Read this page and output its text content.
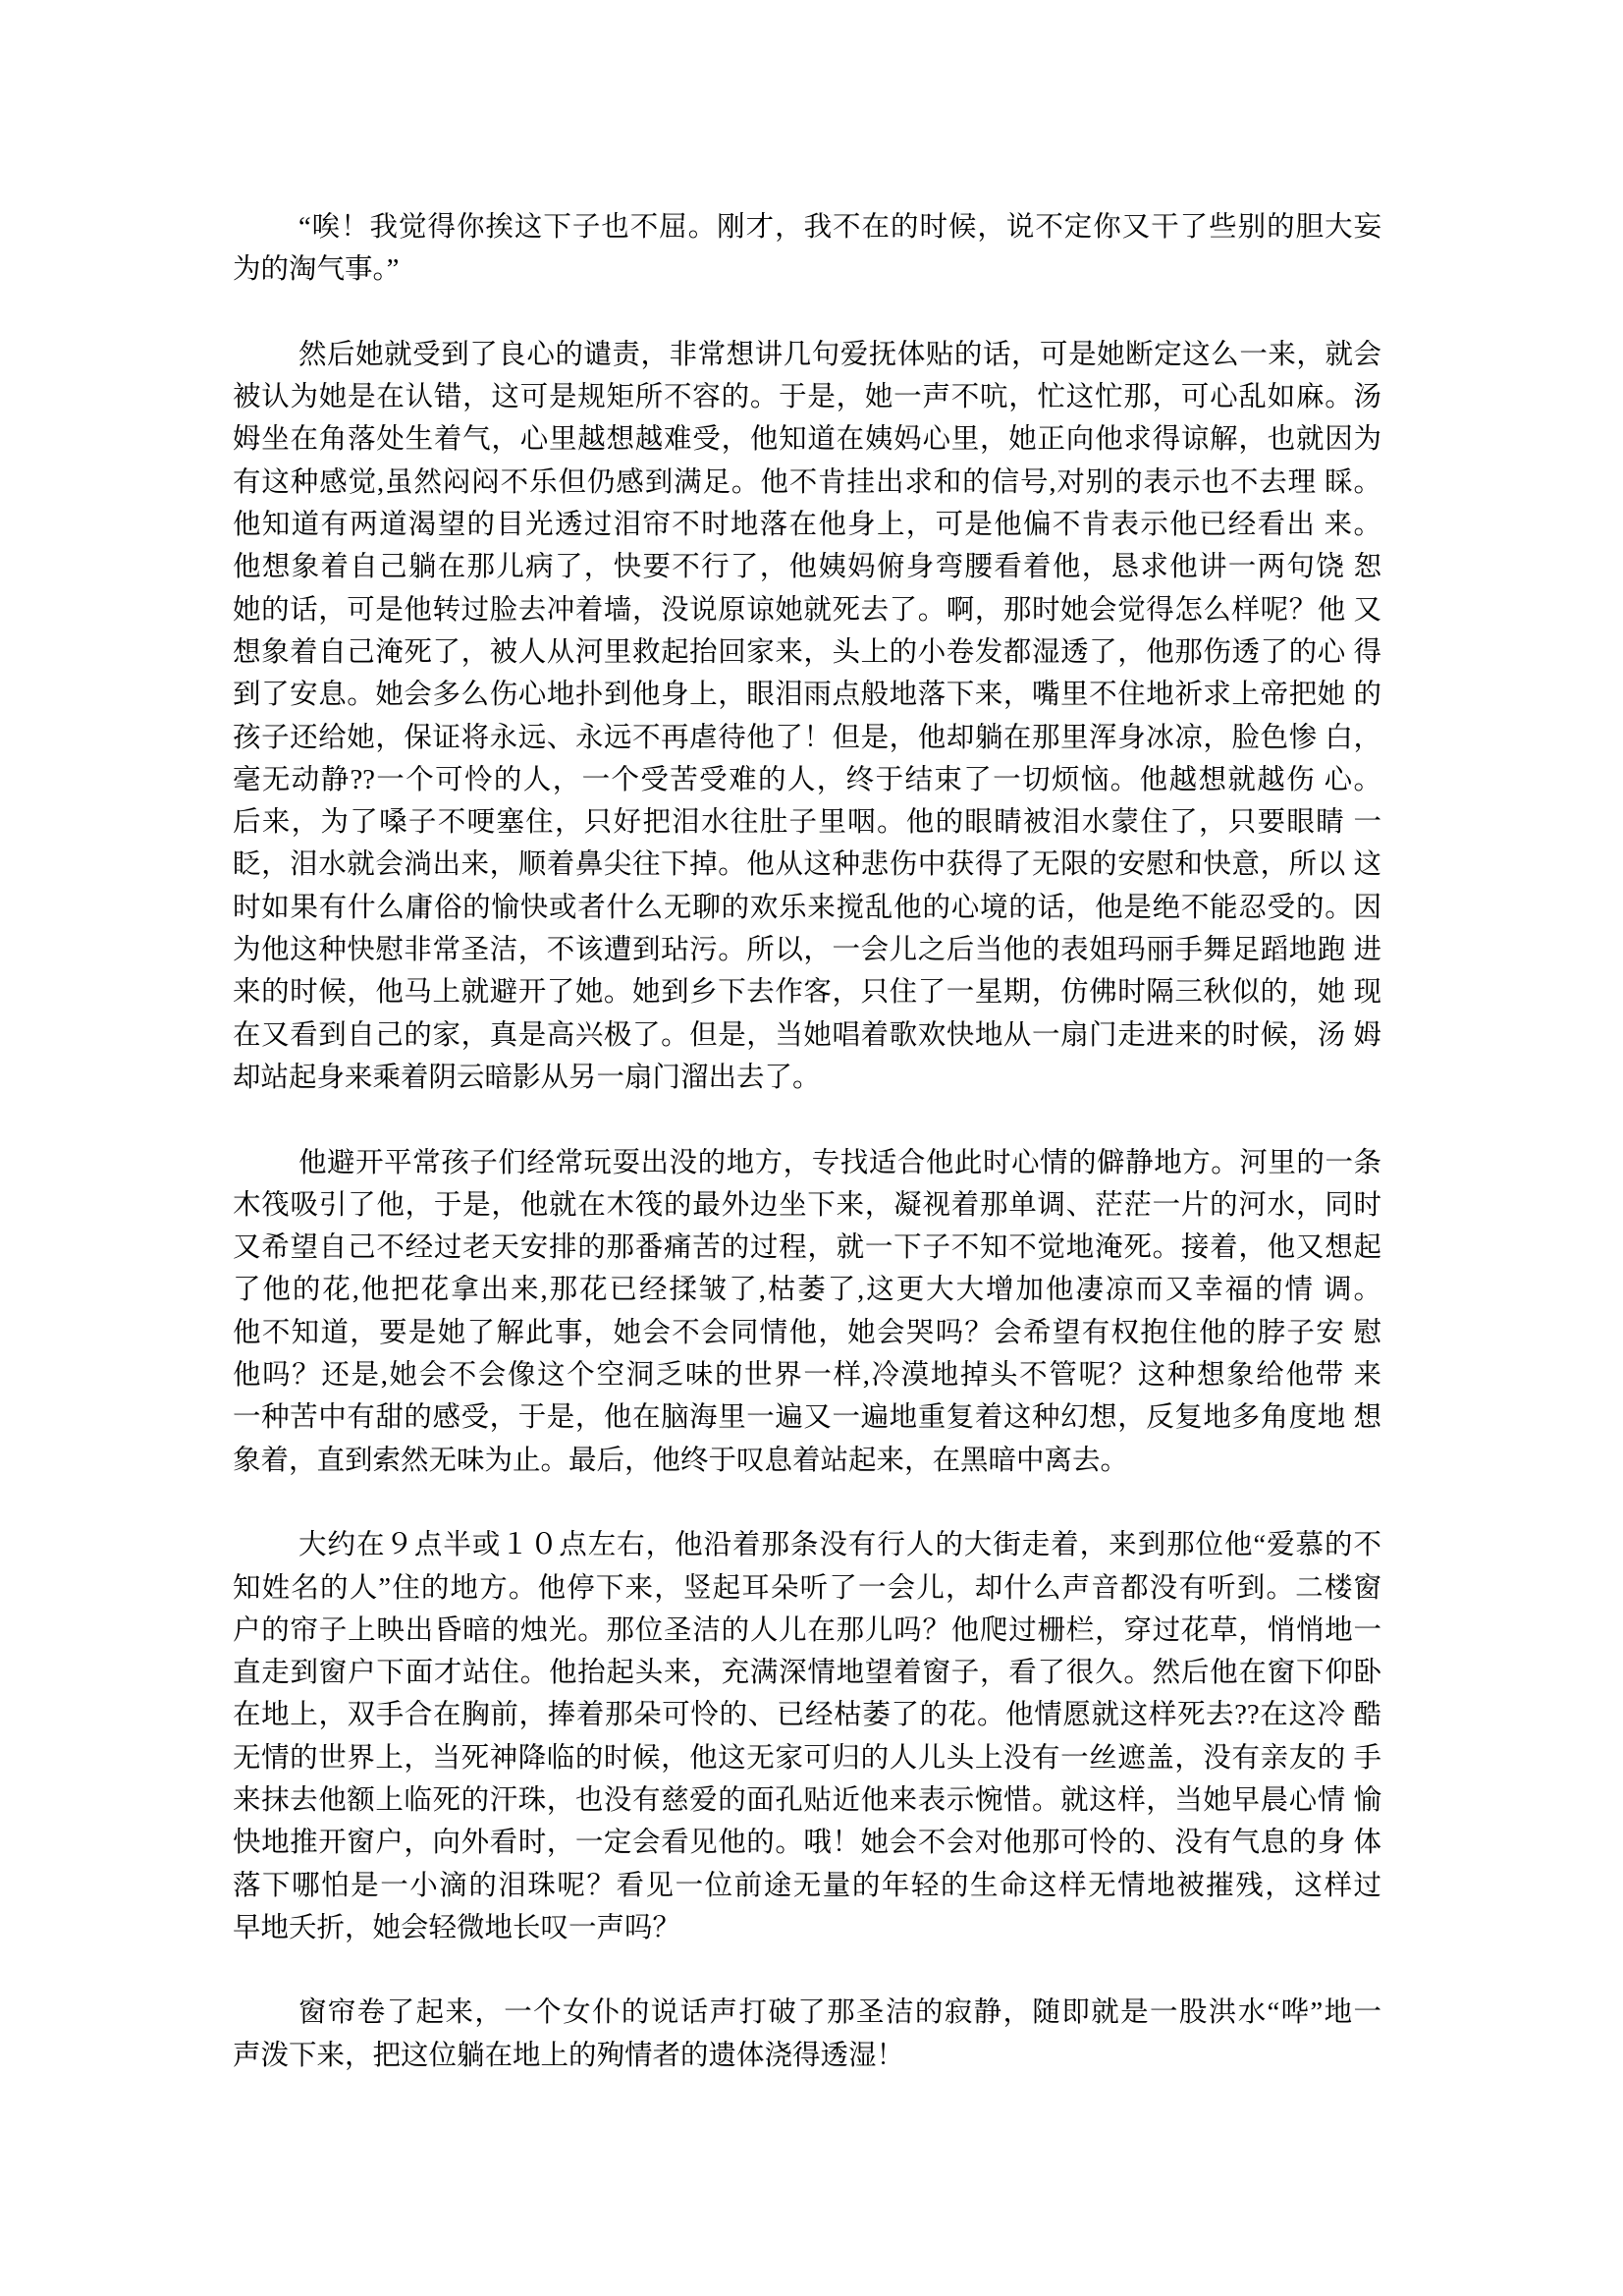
“唉！我觉得你挨这下子也不屈。刚才，我不在的时候，说不定你又干了些别的胆大妄
为的淘气事。”
然后她就受到了良心的谴责，非常想讲几句爱抚体贴的话，可是她断定这么一来，就会
被认为她是在认错，这可是规矩所不容的。于是，她一声不吭，忙这忙那，可心乱如麻。汤
姆坐在角落处生着气，心里越想越难受，他知道在姨妈心里，她正向他求得谅解，也就因为
有这种感觉,虽然闷闷不乐但仍感到满足。他不肯挂出求和的信号,对别的表示也不去理 睬。
他知道有两道渴望的目光透过泪帘不时地落在他身上，可是他偏不肯表示他已经看出 来。
他想象着自己躺在那儿病了，快要不行了，他姨妈俯身弯腰看着他，恳求他讲一两句饶 恕
她的话，可是他转过脸去冲着墙，没说原谅她就死去了。啊，那时她会觉得怎么样呢？他 又
想象着自己淹死了，被人从河里救起抬回家来，头上的小卷发都湿透了，他那伤透了的心 得
到了安息。她会多么伤心地扑到他身上，眼泪雨点般地落下来，嘴里不住地祈求上帝把她 的
孩子还给她，保证将永远、永远不再虐待他了！但是，他却躺在那里浑身冰凉，脸色惨 白，
毫无动静??一个可怜的人，一个受苦受难的人，终于结束了一切烦恼。他越想就越伤 心。
后来，为了嗓子不哽塞住，只好把泪水往肚子里咽。他的眼睛被泪水蒙住了，只要眼睛 一
眨，泪水就会淌出来，顺着鼻尖往下掉。他从这种悲伤中获得了无限的安慰和快意，所以 这
时如果有什么庸俗的愉快或者什么无聊的欢乐来搅乱他的心境的话，他是绝不能忍受的。因
为他这种快慰非常圣洁，不该遭到玷污。所以，一会儿之后当他的表姐玛丽手舞足蹈地跑 进
来的时候，他马上就避开了她。她到乡下去作客，只住了一星期，仿佛时隔三秋似的，她 现
在又看到自己的家，真是高兴极了。但是，当她唱着歌欢快地从一扇门走进来的时候，汤 姆
却站起身来乘着阴云暗影从另一扇门溜出去了。
他避开平常孩子们经常玩耍出没的地方，专找适合他此时心情的僻静地方。河里的一条
木筏吸引了他，于是，他就在木筏的最外边坐下来，凝视着那单调、茫茫一片的河水，同时
又希望自己不经过老天安排的那番痛苦的过程，就一下子不知不觉地淹死。接着，他又想起
了他的花,他把花拿出来,那花已经揉皱了,枯萎了,这更大大增加他凄凉而又幸福的情 调。
他不知道，要是她了解此事，她会不会同情他，她会哭吗？会希望有权抱住他的脖子安 慰
他吗？还是,她会不会像这个空洞乏味的世界一样,冷漠地掉头不管呢？这种想象给他带 来
一种苦中有甜的感受，于是，他在脑海里一遍又一遍地重复着这种幻想，反复地多角度地 想
象着，直到索然无味为止。最后，他终于叹息着站起来，在黑暗中离去。
大约在９点半或１０点左右，他沿着那条没有行人的大街走着，来到那位他“爱慕的不
知姓名的人”住的地方。他停下来，竖起耳朵听了一会儿，却什么声音都没有听到。二楼窗
户的帘子上映出昏暗的烛光。那位圣洁的人儿在那儿吗？他爬过栅栏，穿过花草，悄悄地一
直走到窗户下面才站住。他抬起头来，充满深情地望着窗子，看了很久。然后他在窗下仰卧
在地上，双手合在胸前，捧着那朵可怜的、已经枯萎了的花。他情愿就这样死去??在这冷 酷
无情的世界上，当死神降临的时候，他这无家可归的人儿头上没有一丝遮盖，没有亲友的 手
来抹去他额上临死的汗珠，也没有慈爱的面孔贴近他来表示惋惜。就这样，当她早晨心情 愉
快地推开窗户，向外看时，一定会看见他的。哦！她会不会对他那可怜的、没有气息的身 体
落下哪怕是一小滴的泪珠呢？看见一位前途无量的年轻的生命这样无情地被摧残，这样过
早地夭折，她会轻微地长叹一声吗？
窗帘卷了起来，一个女仆的说话声打破了那圣洁的寂静，随即就是一股洪水“哗”地一
声泼下来，把这位躺在地上的殉情者的遗体浇得透湿！
